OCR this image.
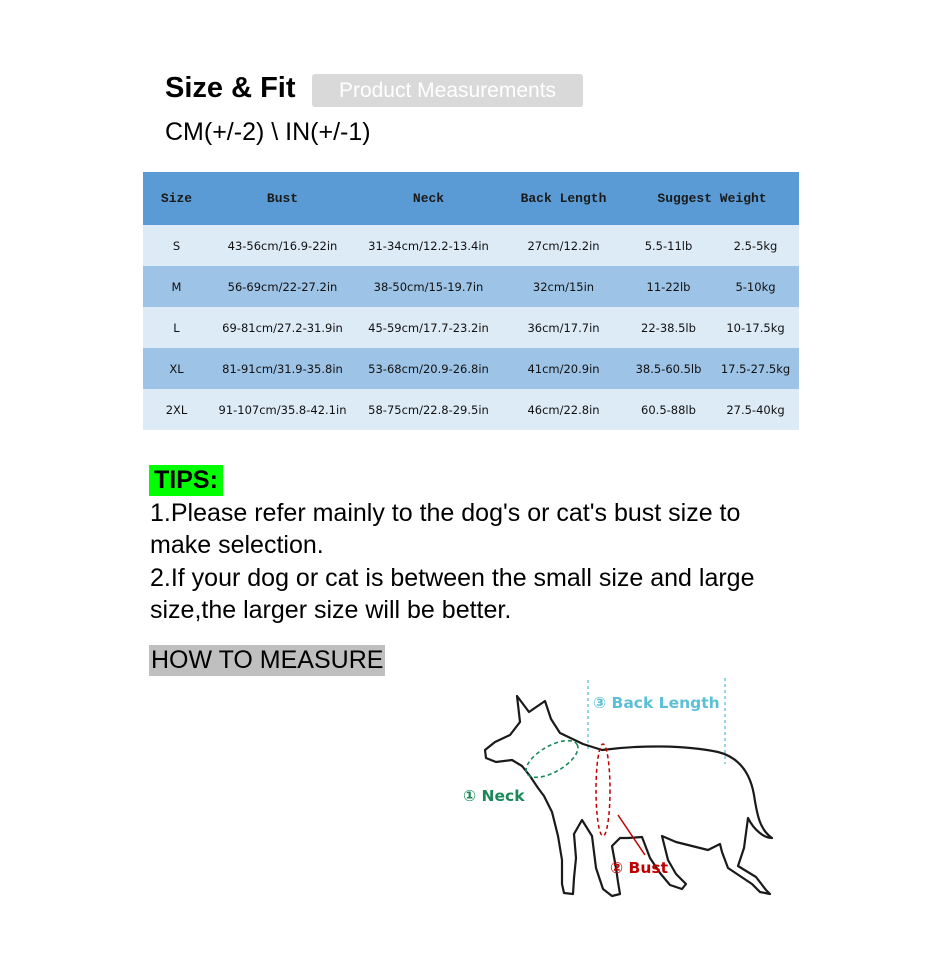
Size & Fit	Product Measurements
CM(+/-2) \ IN(+/-1)
Size	Bust	Neck	Back Length	Suggest Weight	
S	43-56cm/16.9-22in	31-34cm/12.2-13.4in	27cm/12.2in	5.5-11lb	2.5-5kg
M	56-69cm/22-27.2in	38-50cm/15-19.7in	32cm/15in	11-22lb	5-10kg
L	69-81cm/27.2-31.9in	45-59cm/17.7-23.2in	36cm/17.7in	22-38.5lb	10-17.5kg
XL	81-91cm/31.9-35.8in	53-68cm/20.9-26.8in	41cm/20.9in	38.5-60.5lb	17.5-27.5kg
2XL	91-107cm/35.8-42.1in	58-75cm/22.8-29.5in	46cm/22.8in	60.5-88lb	27.5-40kg
TIPS:
1.Please refer mainly to the dog's or cat's bust size to
make selection.
2.If your dog or cat is between the small size and large
size,the larger size will be better.
HOW TO MEASURE
③ Back Length
① Neck
② Bust
